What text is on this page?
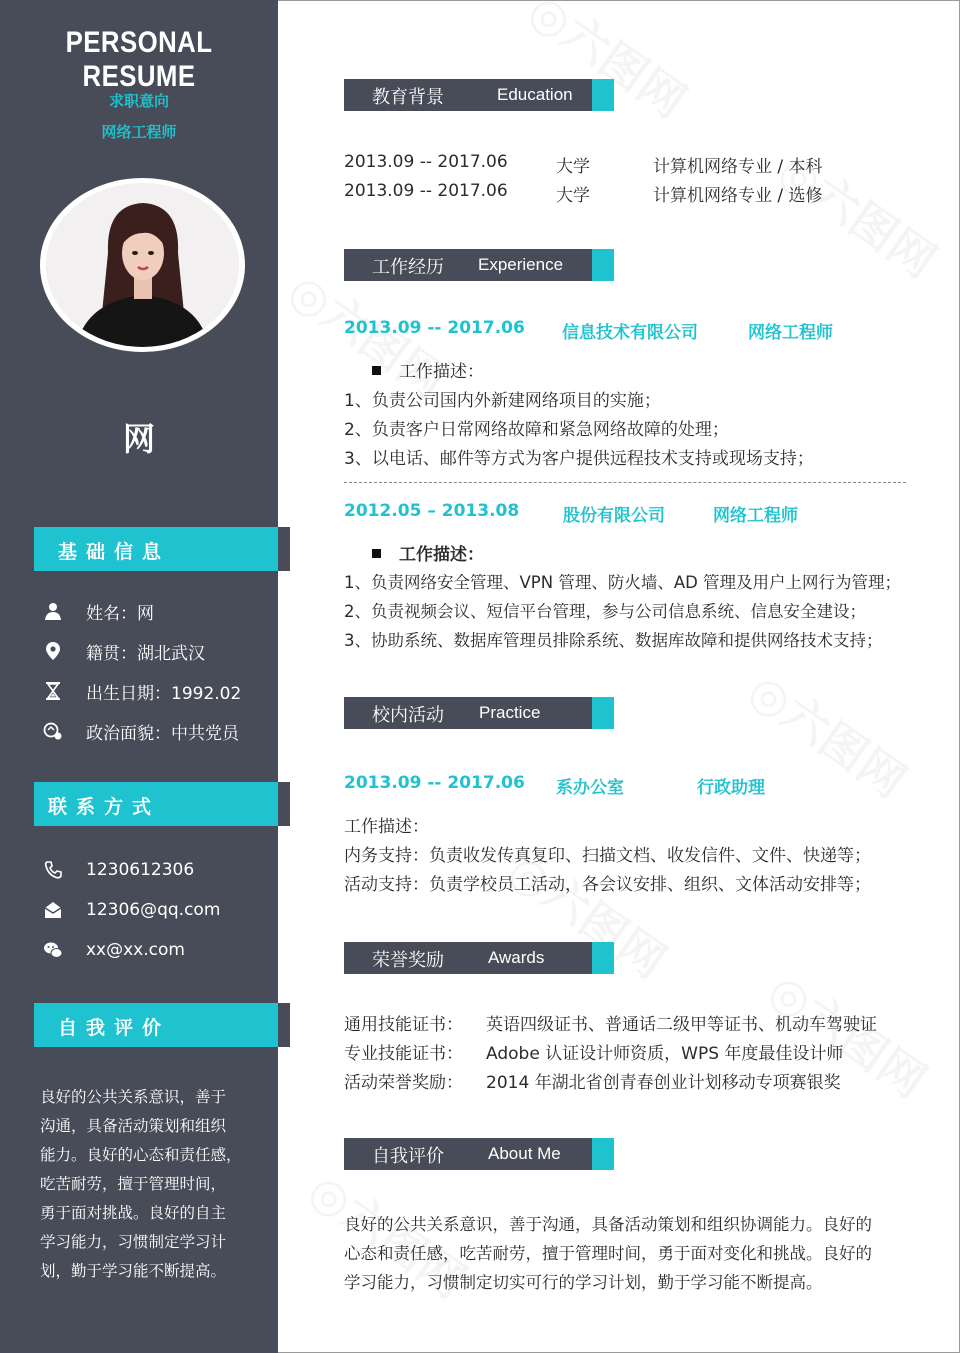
PERSONAL RESUME
求职意向
网络工程师
网
基础信息
姓名：网
籍贯：湖北武汉
出生日期：1992.02
政治面貌：中共党员
联系方式
1230612306
12306@qq.com
xx@xx.com
自我评价
良好的公共关系意识，善于
沟通，具备活动策划和组织
能力。良好的心态和责任感，
吃苦耐劳，擅于管理时间，
勇于面对挑战。良好的自主
学习能力，习惯制定学习计
划，勤于学习能不断提高。
教育背景	Education
2013.09 -- 2017.06	大学	计算机网络专业 / 本科
2013.09 -- 2017.06	大学	计算机网络专业 / 选修
工作经历 Experience
2013.09 -- 2017.06 信息技术有限公司	网络工程师
工作描述：
1、负责公司国内外新建网络项目的实施；
2、负责客户日常网络故障和紧急网络故障的处理；
3、以电话、邮件等方式为客户提供远程技术支持或现场支持；
2012.05 – 2013.08	股份有限公司	网络工程师
工作描述：
1、负责网络安全管理、VPN 管理、防火墙、AD 管理及用户上网行为管理；
2、负责视频会议、短信平台管理，参与公司信息系统、信息安全建设；
3、协助系统、数据库管理员排除系统、数据库故障和提供网络技术支持；
校内活动 Practice
2013.09 -- 2017.06 系办公室	行政助理
工作描述：
内务支持：负责收发传真复印、扫描文档、收发信件、文件、快递等；
活动支持：负责学校员工活动，各会议安排、组织、文体活动安排等；
荣誉奖励	Awards
通用技能证书： 英语四级证书、普通话二级甲等证书、机动车驾驶证
专业技能证书： Adobe 认证设计师资质，WPS 年度最佳设计师
活动荣誉奖励： 2014 年湖北省创青春创业计划移动专项赛银奖
自我评价	About Me
良好的公共关系意识，善于沟通，具备活动策划和组织协调能力。良好的
心态和责任感，吃苦耐劳，擅于管理时间，勇于面对变化和挑战。良好的
学习能力，习惯制定切实可行的学习计划，勤于学习能不断提高。
